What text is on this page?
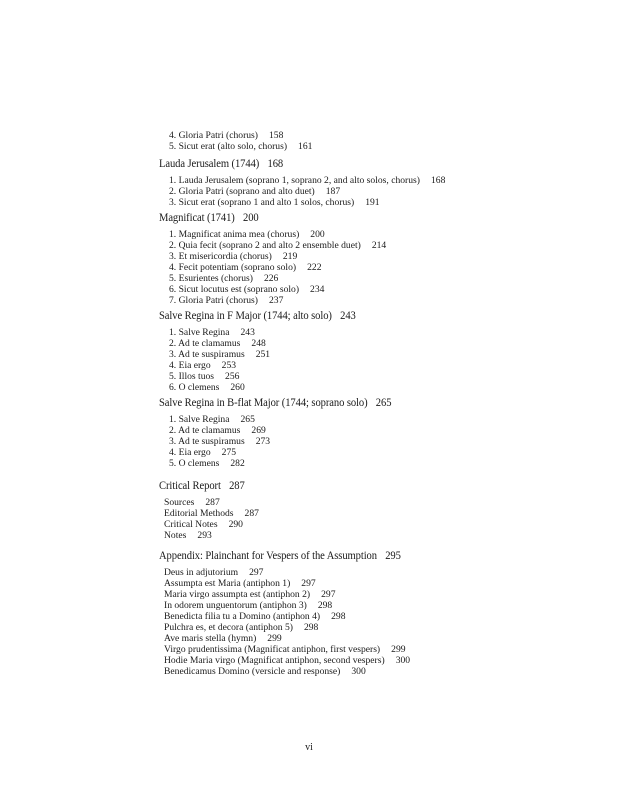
4. Gloria Patri (chorus) 158
5. Sicut erat (alto solo, chorus) 161
Lauda Jerusalem (1744) 168
1. Lauda Jerusalem (soprano 1, soprano 2, and alto solos, chorus) 168
2. Gloria Patri (soprano and alto duet) 187
3. Sicut erat (soprano 1 and alto 1 solos, chorus) 191
Magnificat (1741) 200
1. Magnificat anima mea (chorus) 200
2. Quia fecit (soprano 2 and alto 2 ensemble duet) 214
3. Et misericordia (chorus) 219
4. Fecit potentiam (soprano solo) 222
5. Esurientes (chorus) 226
6. Sicut locutus est (soprano solo) 234
7. Gloria Patri (chorus) 237
Salve Regina in F Major (1744; alto solo) 243
1. Salve Regina 243
2. Ad te clamamus 248
3. Ad te suspiramus 251
4. Eia ergo 253
5. Illos tuos 256
6. O clemens 260
Salve Regina in B-flat Major (1744; soprano solo) 265
1. Salve Regina 265
2. Ad te clamamus 269
3. Ad te suspiramus 273
4. Eia ergo 275
5. O clemens 282
Critical Report 287
Sources 287
Editorial Methods 287
Critical Notes 290
Notes 293
Appendix: Plainchant for Vespers of the Assumption 295
Deus in adjutorium 297
Assumpta est Maria (antiphon 1) 297
Maria virgo assumpta est (antiphon 2) 297
In odorem unguentorum (antiphon 3) 298
Benedicta filia tu a Domino (antiphon 4) 298
Pulchra es, et decora (antiphon 5) 298
Ave maris stella (hymn) 299
Virgo prudentissima (Magnificat antiphon, first vespers) 299
Hodie Maria virgo (Magnificat antiphon, second vespers) 300
Benedicamus Domino (versicle and response) 300
vi
